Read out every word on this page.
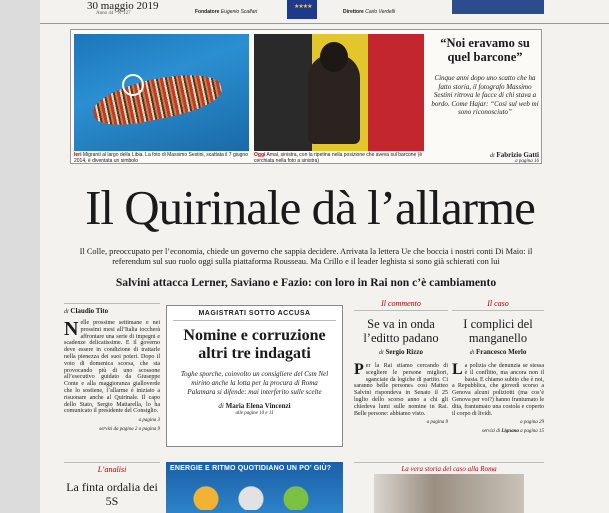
30 maggio 2019
Anno 44 - N°127	Fondatore Eugenio Scalfari
★★★★
Direttore Carlo Verdelli
Ieri Migranti al largo della Libia. La foto di Massimo Sestini, scattata il 7 giugno 2014, è diventata un simbolo
Oggi Amal, sinistra, con la ripetina nella posizione che aveva sul barcone (è cerchiata nella foto a sinistra)
“Noi eravamo su quel barcone”
Cinque anni dopo uno scatto che ha fatto storia, il fotografo Massimo Sestini ritrova le facce di chi stava a bordo. Come Hajar: “Così sul web mi sono riconosciuto”
di Fabrizio Gatti
a pagina 16
Il Quirinale dà l’allarme
Il Colle, preoccupato per l’economia, chiede un governo che sappia decidere. Arrivata la lettera Ue che boccia i nostri conti Di Maio: il referendum sul suo ruolo oggi sulla piattaforma Rousseau. Ma Crillo e il leader leghista si sono già schierati con lui
Salvini attacca Lerner, Saviano e Fazio: con loro in Rai non c’è cambiamento
di Claudio Tito
Nelle prossime settimane e nei prossimi mesi all’Italia toccherà affrontare una serie di impegni e scadenze delicatissime. E il governo deve essere in condizione di trattarle nella pienezza dei suoi poteri. Dopo il voto di domenica scorsa, che sta provocando più di uno scossone all’esecutivo guidato da Giuseppe Conte e alla maggioranza gialloverde che lo sostiene, l’allarme è iniziato a risuonare anche al Quirinale. Il capo dello Stato, Sergio Mattarella, lo ha comunicato il presidente del Consiglio.
a pagina 3
servizi da pagina 2 a pagina 9
MAGISTRATI SOTTO ACCUSA
Nomine e corruzione altri tre indagati
Toghe sporche, coinvolto un consigliere del Csm Nel mirino anche la lotta per la procura di Roma Palamara si difende: mai interferito sulle scelte
di Maria Elena Vincenzi
alle pagine 10 e 11
Il commento
Se va in onda l’editto padano
di Sergio Rizzo
Per la Rai stiamo cercando di scegliere le persone migliori, sganciate da logiche di partito. Ci saranno belle persone» così Matteo Salvini rispondeva in Senato il 25 luglio dello scorso anno a chi gli chiedeva lumi sulle nomine in Rai. Belle persone: abbiamo visto.
a pagina 9
Il caso
I complici del manganello
di Francesco Merlo
La polizia che denunzia se stessa è il conflitto, ma ancora non il basta. E chiamo subito che è noi, a Repubblica, che giovedì scorso a Genova alcuni poliziotti (ma cos’è Genova per voi?) hanno frantumato le dita, frantumato una costola e coperto il corpo di lividi.
a pagina 29
servizi di Lignana a pagina 15
L’analisi
La finta ordalia dei 5S
ENERGIE E RITMO QUOTIDIANO UN PO’ GIÙ?	La vera storia del caso alla Roma
